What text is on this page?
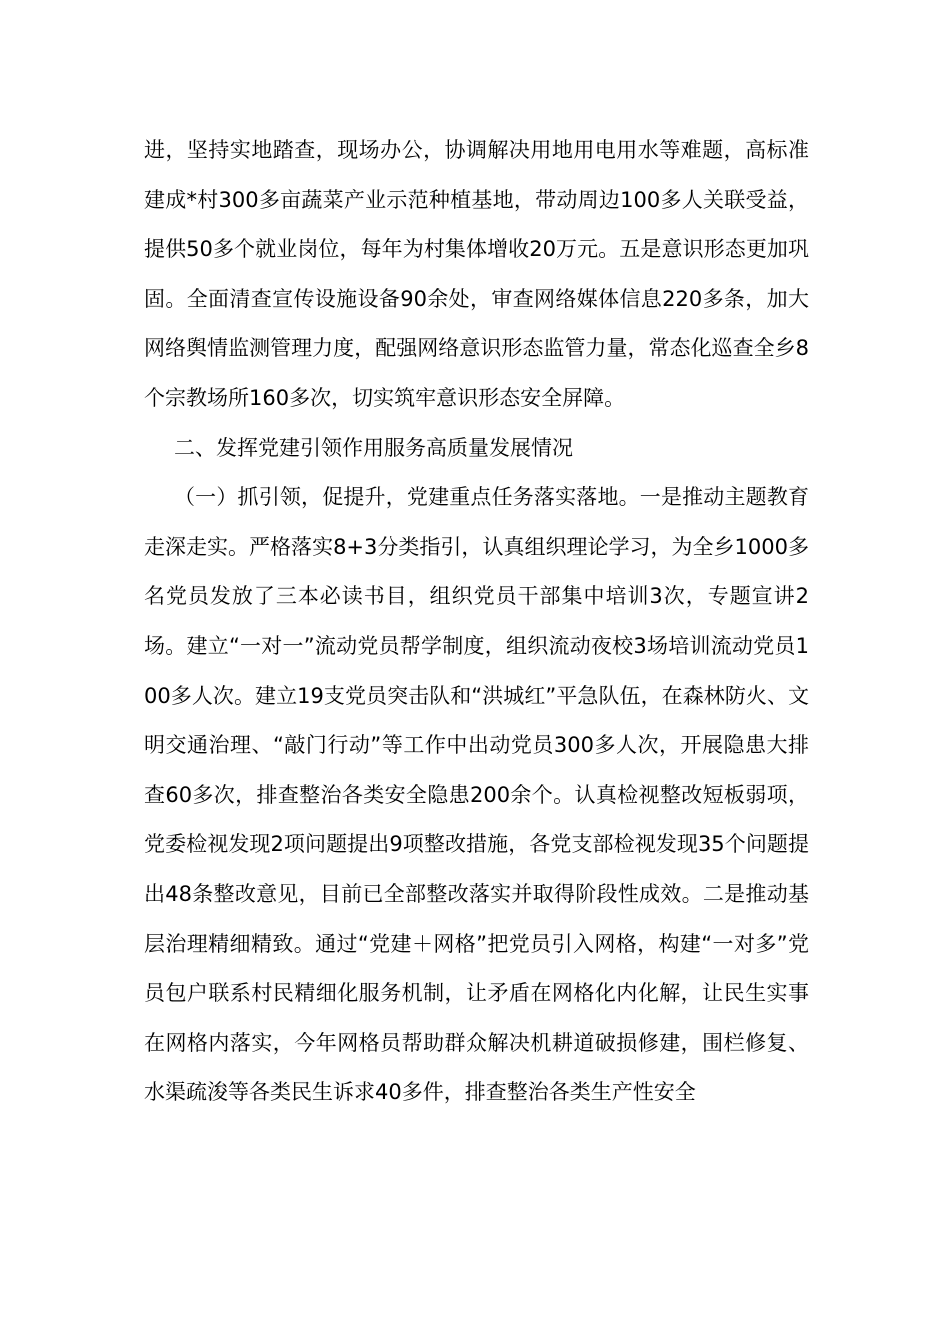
进，坚持实地踏查，现场办公，协调解决用地用电用水等难题，高标准建成*村300多亩蔬菜产业示范种植基地，带动周边100多人关联受益，提供50多个就业岗位，每年为村集体增收20万元。五是意识形态更加巩固。全面清查宣传设施设备90余处，审查网络媒体信息220多条，加大网络舆情监测管理力度，配强网络意识形态监管力量，常态化巡查全乡8个宗教场所160多次，切实筑牢意识形态安全屏障。

二、发挥党建引领作用服务高质量发展情况

（一）抓引领，促提升，党建重点任务落实落地。一是推动主题教育走深走实。严格落实8+3分类指引，认真组织理论学习，为全乡1000多名党员发放了三本必读书目，组织党员干部集中培训3次，专题宣讲2场。建立“一对一”流动党员帮学制度，组织流动夜校3场培训流动党员100多人次。建立19支党员突击队和“洪城红”平急队伍，在森林防火、文明交通治理、“敲门行动”等工作中出动党员300多人次，开展隐患大排查60多次，排查整治各类安全隐患200余个。认真检视整改短板弱项，党委检视发现2项问题提出9项整改措施，各党支部检视发现35个问题提出48条整改意见，目前已全部整改落实并取得阶段性成效。二是推动基层治理精细精致。通过“党建＋网格”把党员引入网格，构建“一对多”党员包户联系村民精细化服务机制，让矛盾在网格化内化解，让民生实事在网格内落实，今年网格员帮助群众解决机耕道破损修建，围栏修复、水渠疏浚等各类民生诉求40多件，排查整治各类生产性安全
